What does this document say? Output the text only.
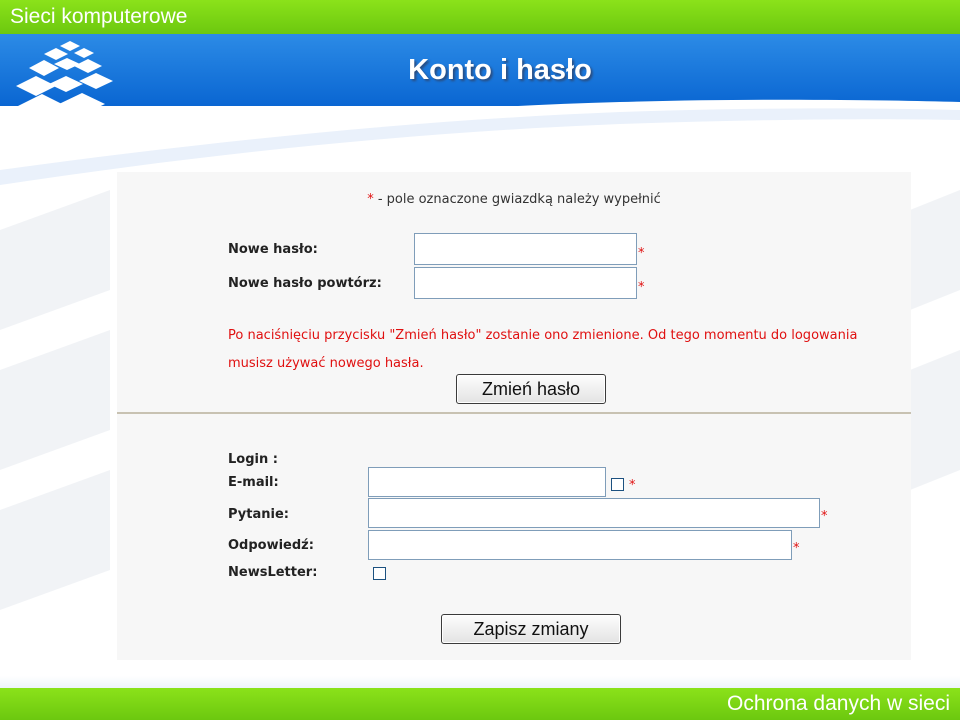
Sieci komputerowe
Konto i hasło
E-STUDIA INFORMATYCZNE
* - pole oznaczone gwiazdką należy wypełnić
Nowe hasło:	*
Nowe hasło powtórz:	*
Po naciśnięciu przycisku "Zmień hasło" zostanie ono zmienione. Od tego momentu do logowania musisz używać nowego hasła.
Zmień hasło
Login :
E-mail:	*
Pytanie:	*
Odpowiedź:	*
NewsLetter:
Zapisz zmiany
Ochrona danych w sieci
